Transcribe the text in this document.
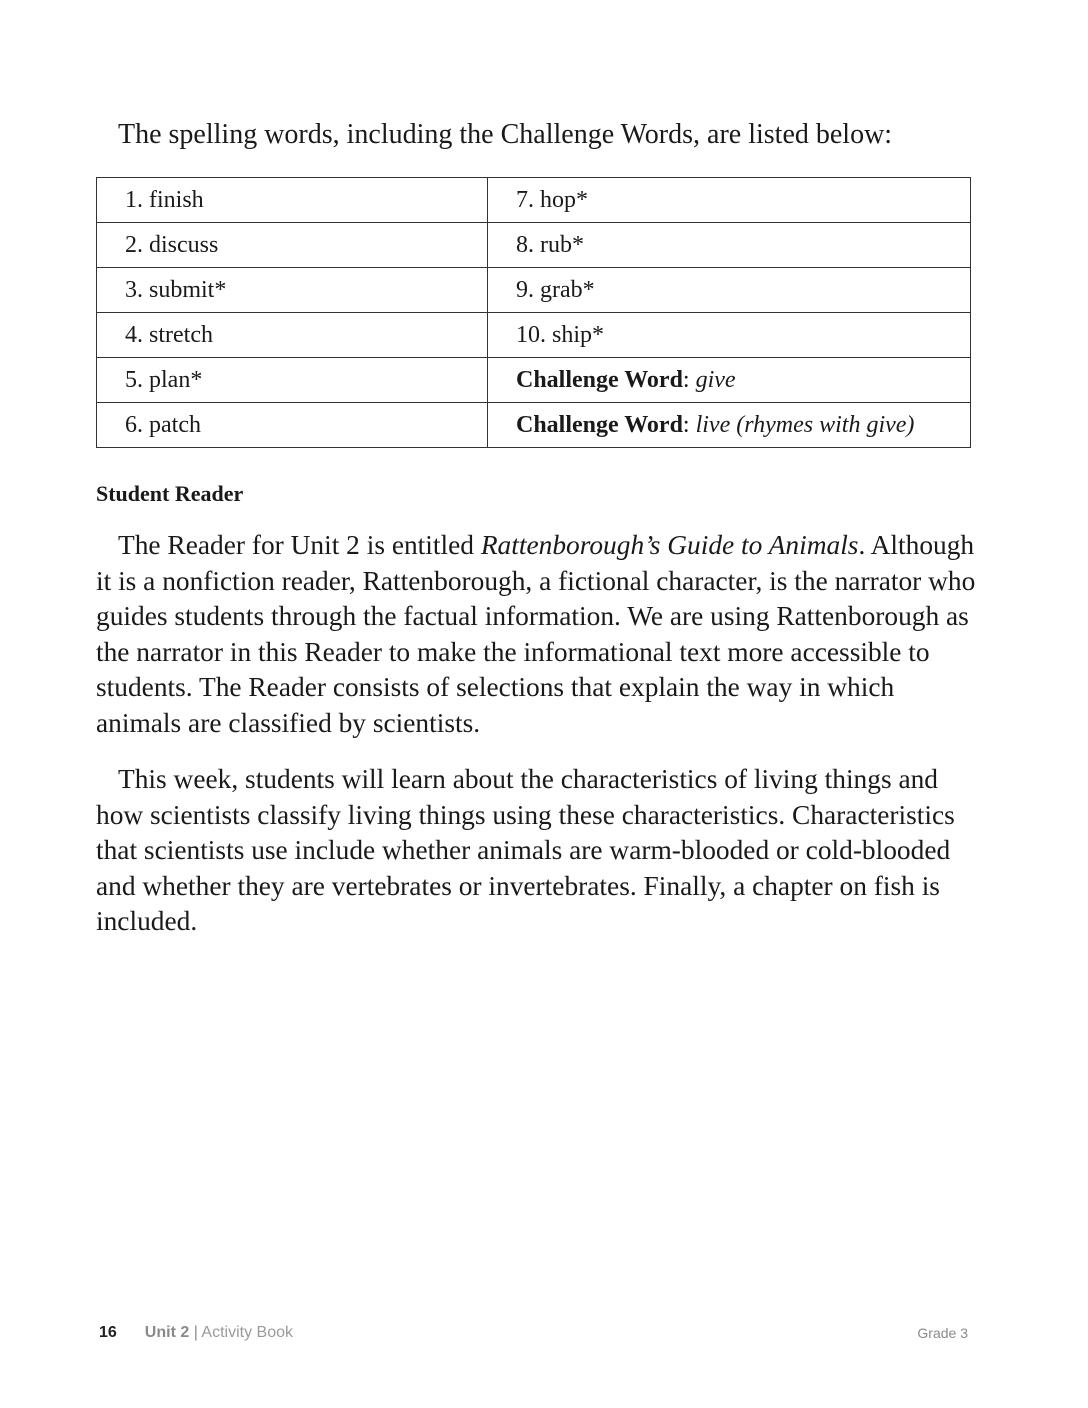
The spelling words, including the Challenge Words, are listed below:

1. finish	7. hop*
2. discuss	8. rub*
3. submit*	9. grab*
4. stretch	10. ship*
5. plan*	Challenge Word: give
6. patch	Challenge Word: live (rhymes with give)
Student Reader

The Reader for Unit 2 is entitled Rattenborough’s Guide to Animals. Although it is a nonfiction reader, Rattenborough, a fictional character, is the narrator who guides students through the factual information. We are using Rattenborough as the narrator in this Reader to make the informational text more accessible to students. The Reader consists of selections that explain the way in which animals are classified by scientists.

This week, students will learn about the characteristics of living things and how scientists classify living things using these characteristics. Characteristics that scientists use include whether animals are warm-blooded or cold-blooded and whether they are vertebrates or invertebrates. Finally, a chapter on fish is included.

16 Unit 2 | Activity Book	Grade 3
